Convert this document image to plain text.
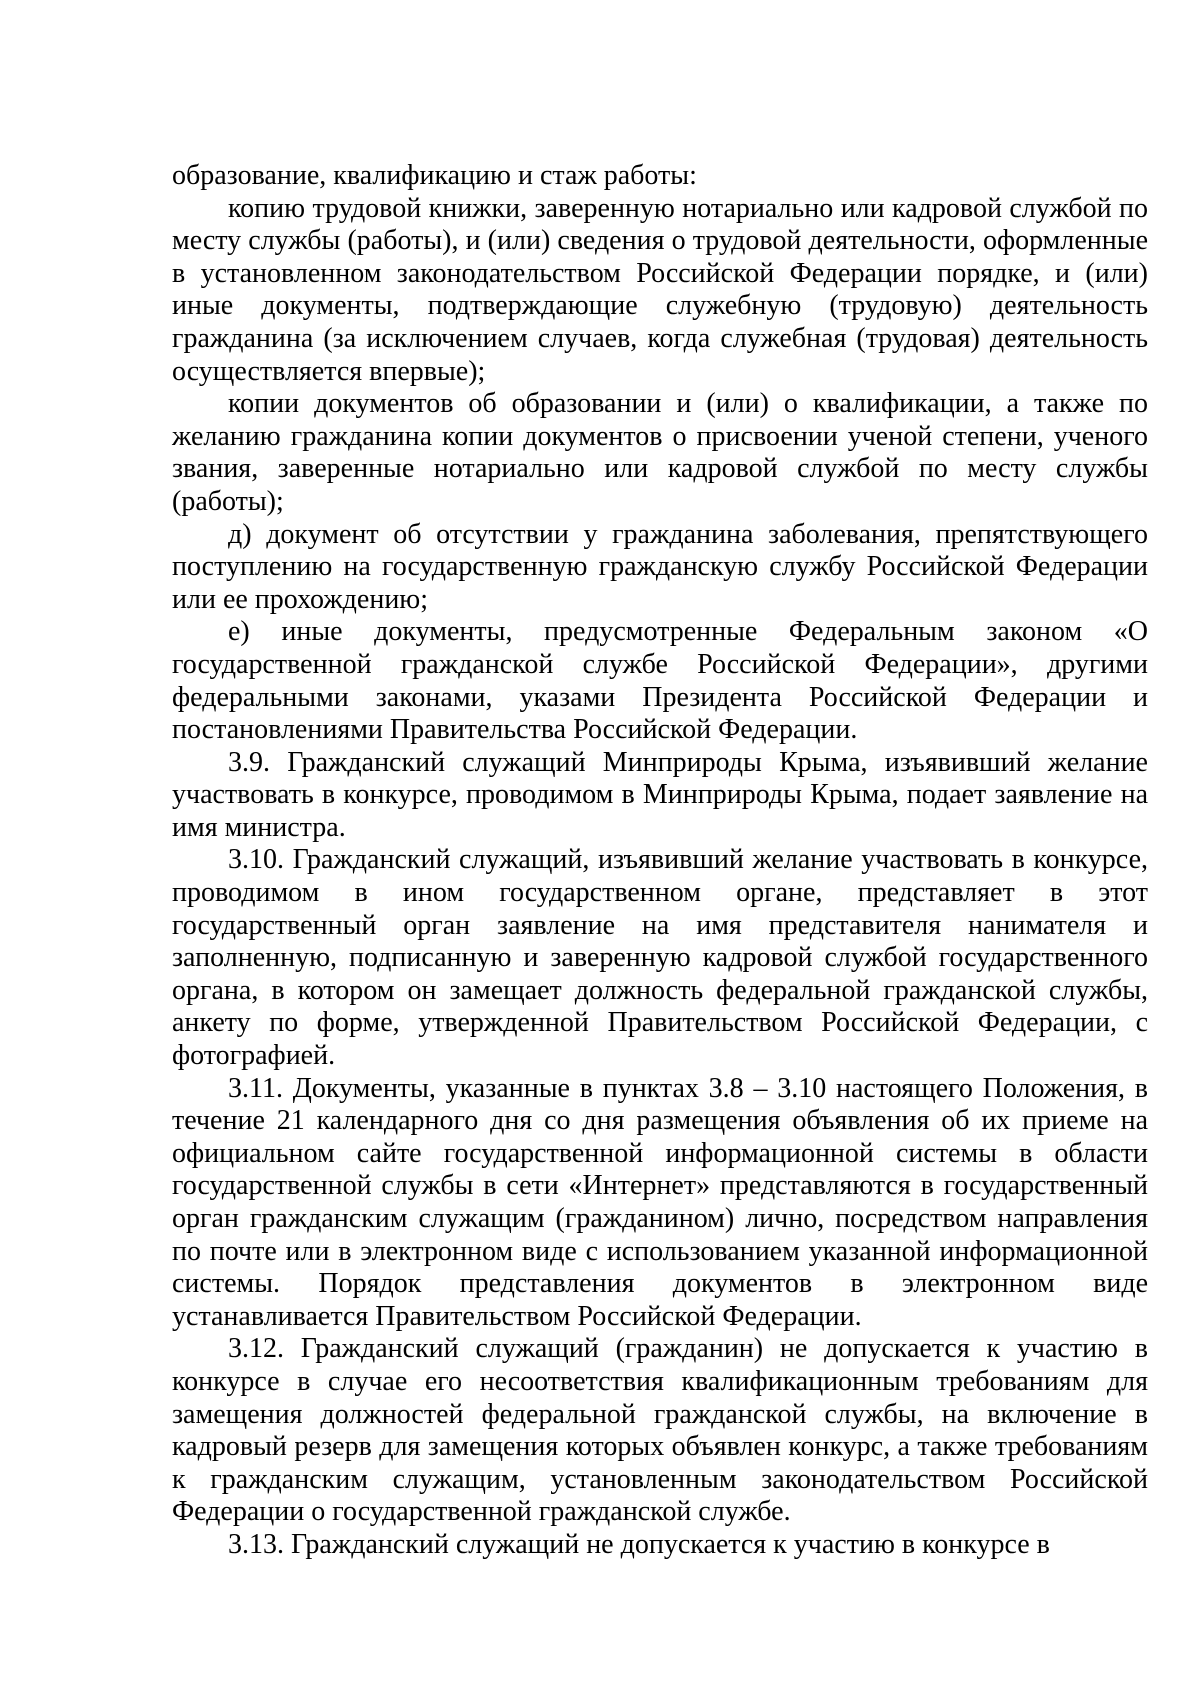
образование, квалификацию и стаж работы:

копию трудовой книжки, заверенную нотариально или кадровой службой по месту службы (работы), и (или) сведения о трудовой деятельности, оформленные в установленном законодательством Российской Федерации порядке, и (или) иные документы, подтверждающие служебную (трудовую) деятельность гражданина (за исключением случаев, когда служебная (трудовая) деятельность осуществляется впервые);

копии документов об образовании и (или) о квалификации, а также по желанию гражданина копии документов о присвоении ученой степени, ученого звания, заверенные нотариально или кадровой службой по месту службы (работы);

д) документ об отсутствии у гражданина заболевания, препятствующего поступлению на государственную гражданскую службу Российской Федерации или ее прохождению;

е) иные документы, предусмотренные Федеральным законом «О государственной гражданской службе Российской Федерации», другими федеральными законами, указами Президента Российской Федерации и постановлениями Правительства Российской Федерации.

3.9. Гражданский служащий Минприроды Крыма, изъявивший желание участвовать в конкурсе, проводимом в Минприроды Крыма, подает заявление на имя министра.

3.10. Гражданский служащий, изъявивший желание участвовать в конкурсе, проводимом в ином государственном органе, представляет в этот государственный орган заявление на имя представителя нанимателя и заполненную, подписанную и заверенную кадровой службой государственного органа, в котором он замещает должность федеральной гражданской службы, анкету по форме, утвержденной Правительством Российской Федерации, с фотографией.

3.11. Документы, указанные в пунктах 3.8 – 3.10 настоящего Положения, в течение 21 календарного дня со дня размещения объявления об их приеме на официальном сайте государственной информационной системы в области государственной службы в сети «Интернет» представляются в государственный орган гражданским служащим (гражданином) лично, посредством направления по почте или в электронном виде с использованием указанной информационной системы. Порядок представления документов в электронном виде устанавливается Правительством Российской Федерации.

3.12. Гражданский служащий (гражданин) не допускается к участию в конкурсе в случае его несоответствия квалификационным требованиям для замещения должностей федеральной гражданской службы, на включение в кадровый резерв для замещения которых объявлен конкурс, а также требованиям к гражданским служащим, установленным законодательством Российской Федерации о государственной гражданской службе.

3.13. Гражданский служащий не допускается к участию в конкурсе в
